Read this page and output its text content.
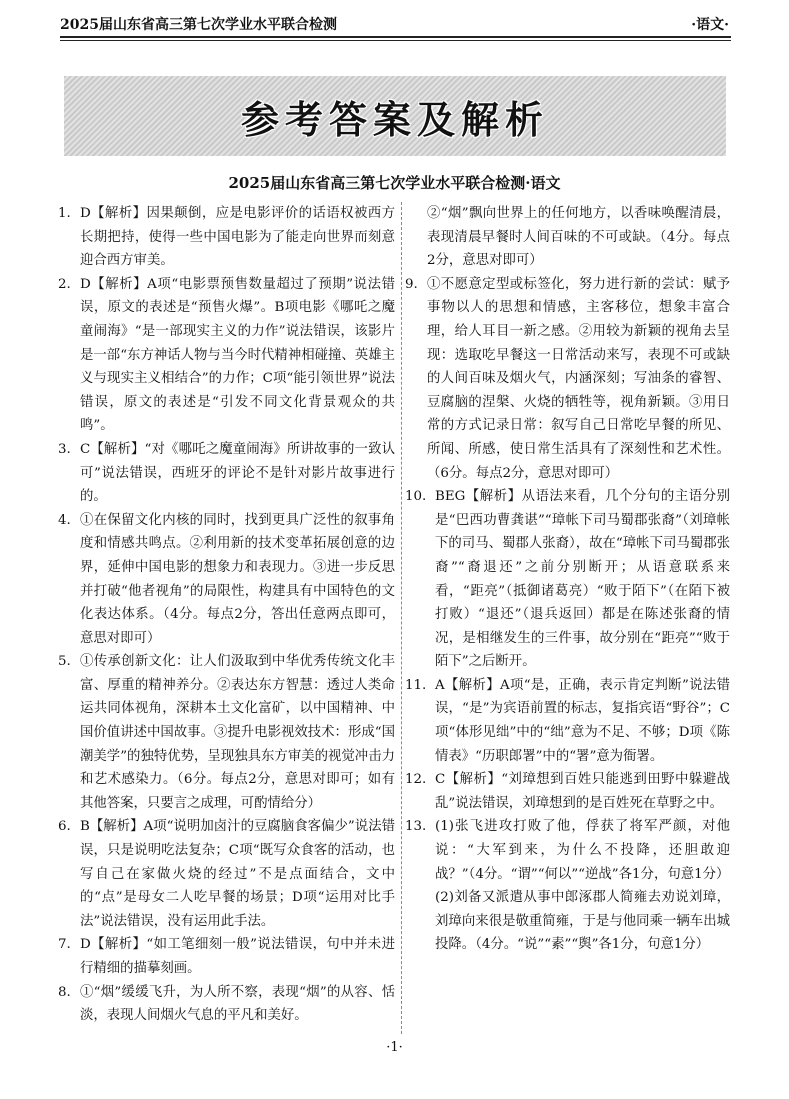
2025届山东省高三第七次学业水平联合检测	·语文·
参考答案及解析
2025届山东省高三第七次学业水平联合检测·语文
1. D【解析】因果颠倒，应是电影评价的话语权被西方长期把持，使得一些中国电影为了能走向世界而刻意迎合西方审美。
2. D【解析】A项“电影票预售数量超过了预期”说法错误，原文的表述是“预售火爆”。B项电影《哪吒之魔童闹海》“是一部现实主义的力作”说法错误，该影片是一部“东方神话人物与当今时代精神相碰撞、英雄主义与现实主义相结合”的力作；C项“能引领世界”说法错误，原文的表述是“引发不同文化背景观众的共鸣”。
3. C【解析】“对《哪吒之魔童闹海》所讲故事的一致认可”说法错误，西班牙的评论不是针对影片故事进行的。
4. ①在保留文化内核的同时，找到更具广泛性的叙事角度和情感共鸣点。②利用新的技术变革拓展创意的边界，延伸中国电影的想象力和表现力。③进一步反思并打破“他者视角”的局限性，构建具有中国特色的文化表达体系。（4分。每点2分，答出任意两点即可，意思对即可）
5. ①传承创新文化：让人们汲取到中华优秀传统文化丰富、厚重的精神养分。②表达东方智慧：透过人类命运共同体视角，深耕本土文化富矿，以中国精神、中国价值讲述中国故事。③提升电影视效技术：形成“国潮美学”的独特优势，呈现独具东方审美的视觉冲击力和艺术感染力。（6分。每点2分，意思对即可；如有其他答案，只要言之成理，可酌情给分）
6. B【解析】A项“说明加卤汁的豆腐脑食客偏少”说法错误，只是说明吃法复杂；C项“既写众食客的活动，也写自己在家做火烧的经过”不是点面结合，文中的“点”是母女二人吃早餐的场景；D项“运用对比手法”说法错误，没有运用此手法。
7. D【解析】“如工笔细刻一般”说法错误，句中并未进行精细的描摹刻画。
8. ①“烟”缓缓飞升，为人所不察，表现“烟”的从容、恬淡，表现人间烟火气息的平凡和美好。
②“烟”飘向世界上的任何地方，以香味唤醒清晨，表现清晨早餐时人间百味的不可或缺。（4分。每点2分，意思对即可）
9. ①不愿意定型或标签化，努力进行新的尝试：赋予事物以人的思想和情感，主客移位，想象丰富合理，给人耳目一新之感。②用较为新颖的视角去呈现：选取吃早餐这一日常活动来写，表现不可或缺的人间百味及烟火气，内涵深刻；写油条的睿智、豆腐脑的涅槃、火烧的牺牲等，视角新颖。③用日常的方式记录日常：叙写自己日常吃早餐的所见、所闻、所感，使日常生活具有了深刻性和艺术性。（6分。每点2分，意思对即可）
10. BEG【解析】从语法来看，几个分句的主语分别是“巴西功曹龚谌”“璋帐下司马蜀郡张裔”（刘璋帐下的司马、蜀郡人张裔），故在“璋帐下司马蜀郡张裔”“裔退还”之前分别断开；从语意联系来看，“距亮”（抵御诸葛亮）“败于陌下”（在陌下被打败）“退还”（退兵返回）都是在陈述张裔的情况，是相继发生的三件事，故分别在“距亮”“败于陌下”之后断开。
11. A【解析】A项“是，正确，表示肯定判断”说法错误，“是”为宾语前置的标志，复指宾语“野谷”；C项“体形见绌”中的“绌”意为不足、不够；D项《陈情表》“历职郎署”中的“署”意为衙署。
12. C【解析】“刘璋想到百姓只能逃到田野中躲避战乱”说法错误，刘璋想到的是百姓死在草野之中。
13. (1)张飞进攻打败了他，俘获了将军严颜，对他说：“大军到来，为什么不投降，还胆敢迎战？”（4分。“谓”“何以”“逆战”各1分，句意1分）
(2)刘备又派遣从事中郎涿郡人简雍去劝说刘璋，刘璋向来很是敬重简雍，于是与他同乘一辆车出城投降。（4分。“说”“素”“舆”各1分，句意1分）
·1·
